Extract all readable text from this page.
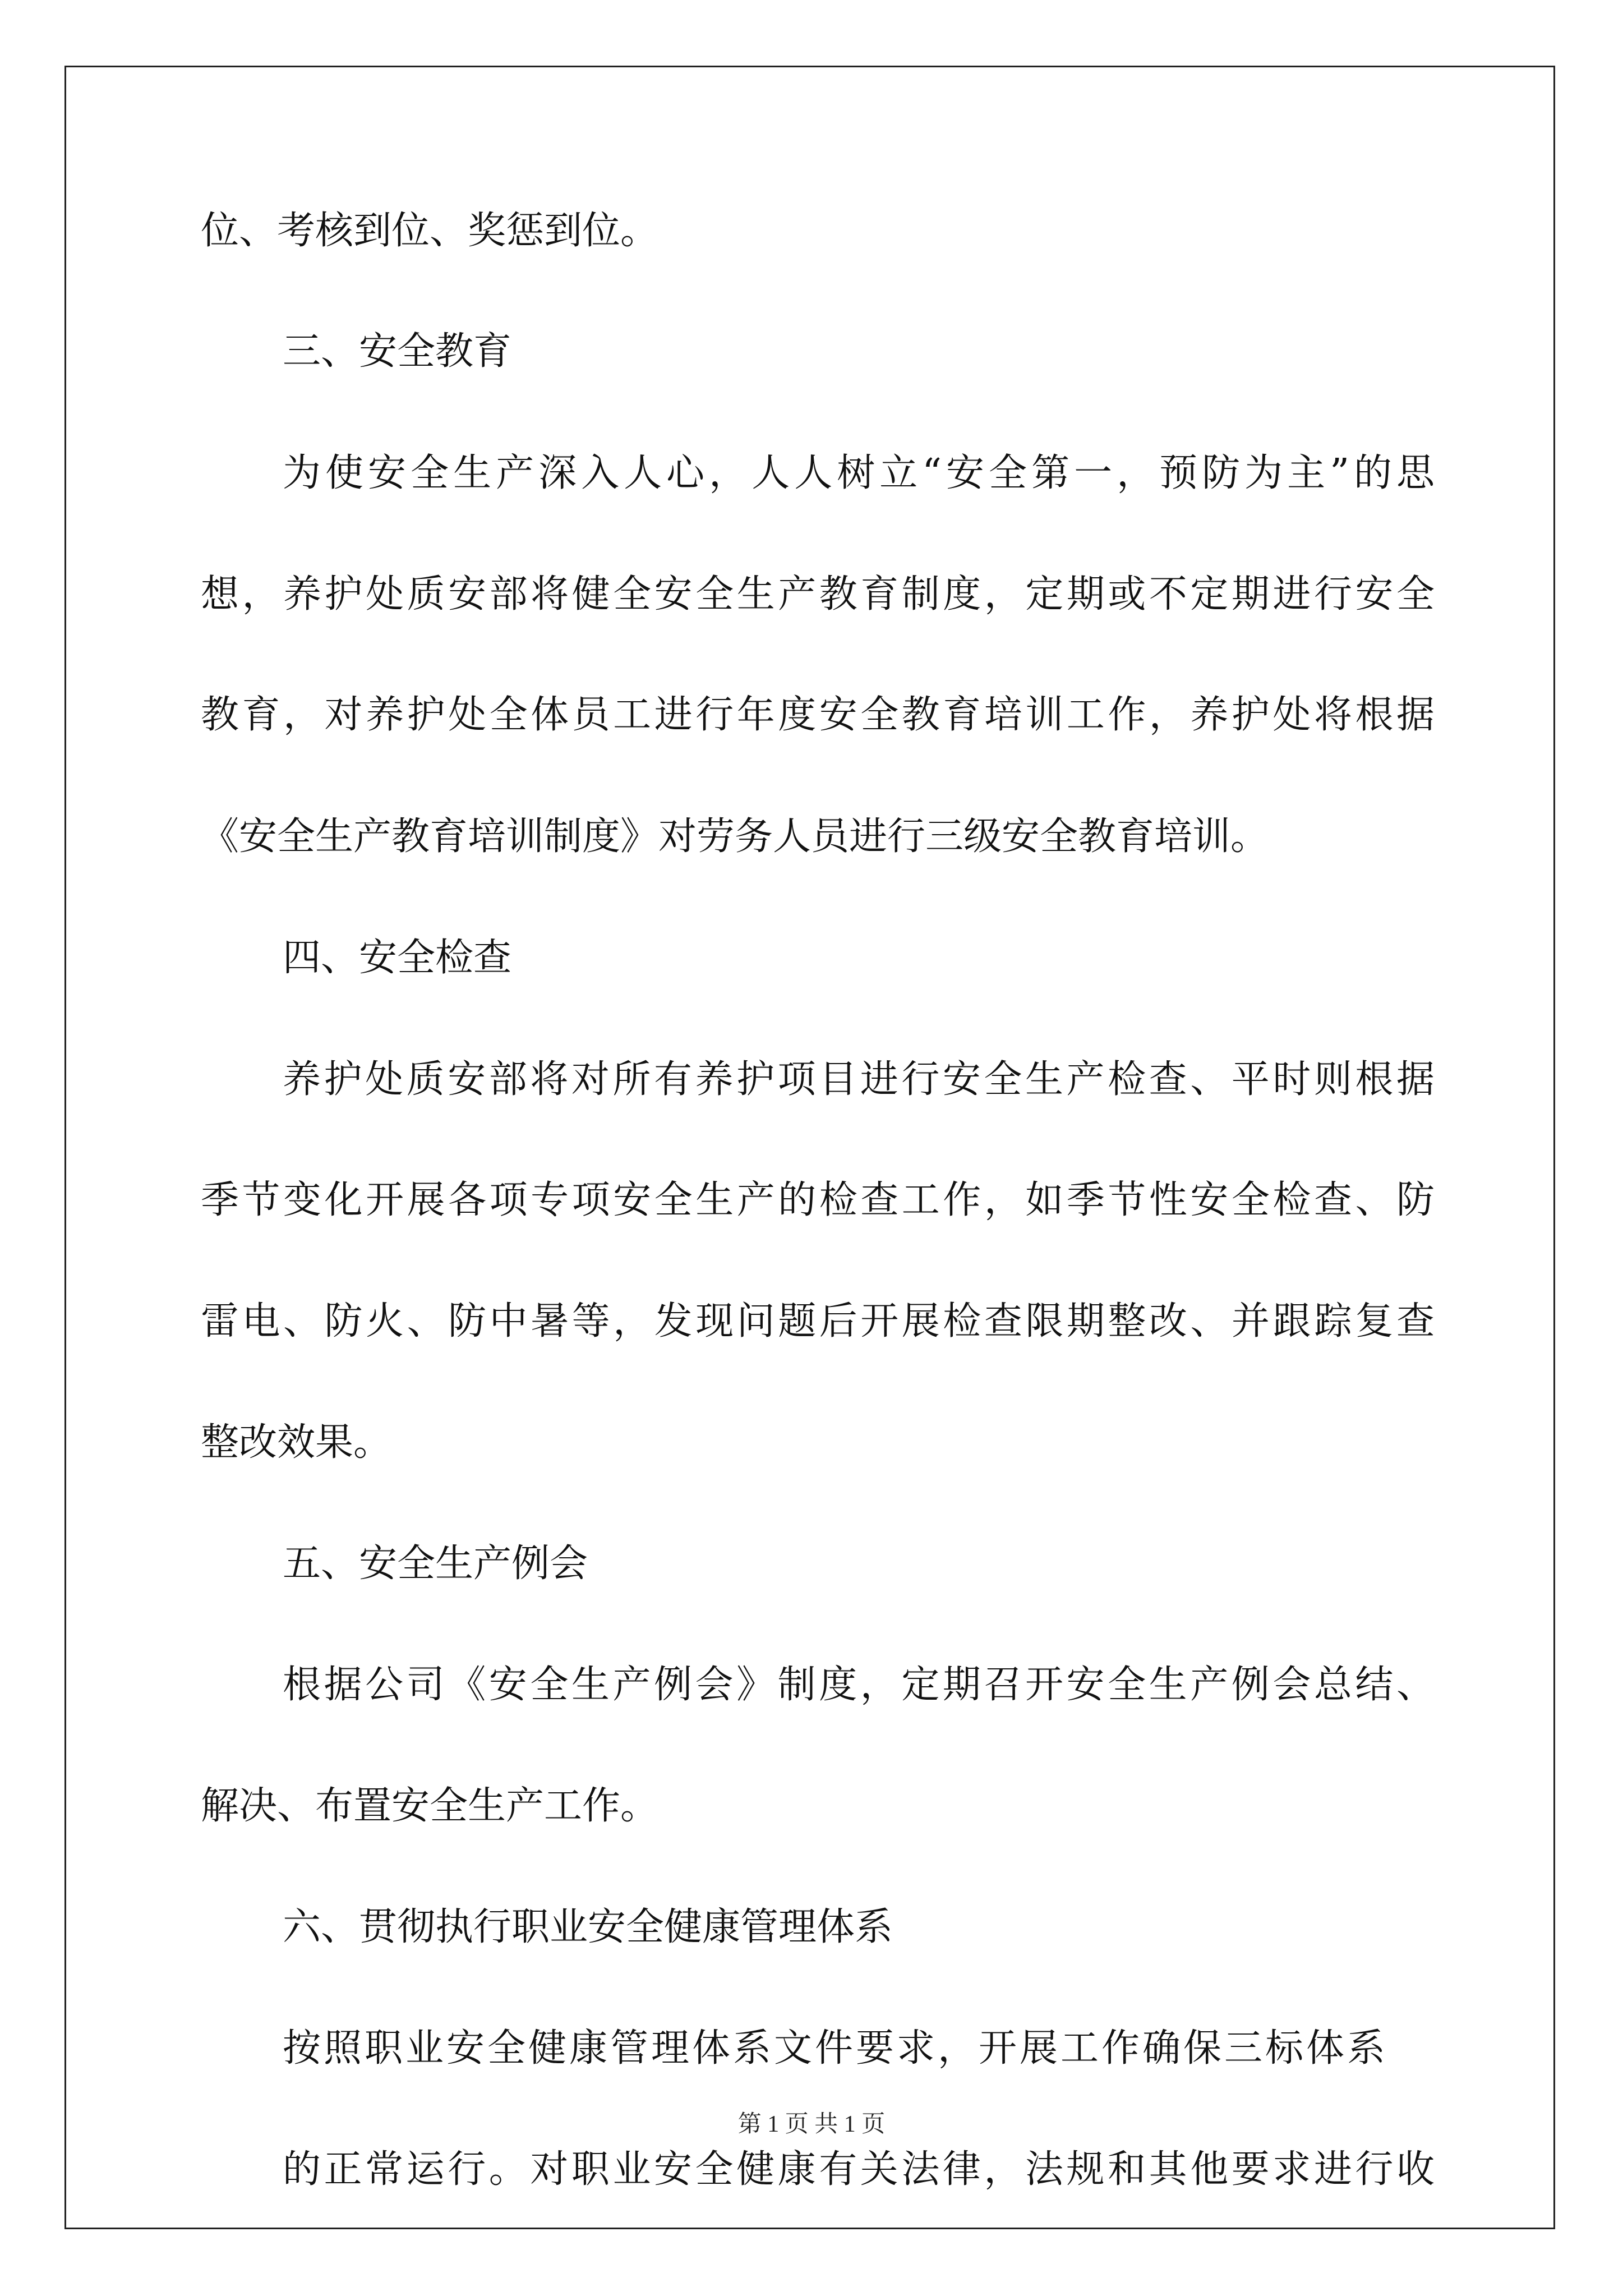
位、考核到位、奖惩到位。
三、安全教育
为使安全生产深入人心，人人树立“安全第一，预防为主”的思
想，养护处质安部将健全安全生产教育制度，定期或不定期进行安全
教育，对养护处全体员工进行年度安全教育培训工作，养护处将根据
《安全生产教育培训制度》对劳务人员进行三级安全教育培训。
四、安全检查
养护处质安部将对所有养护项目进行安全生产检查、平时则根据
季节变化开展各项专项安全生产的检查工作，如季节性安全检查、防
雷电、防火、防中暑等，发现问题后开展检查限期整改、并跟踪复查
整改效果。
五、安全生产例会
根据公司《安全生产例会》制度，定期召开安全生产例会总结、
解决、布置安全生产工作。
六、贯彻执行职业安全健康管理体系
按照职业安全健康管理体系文件要求，开展工作确保三标体系
的正常运行。对职业安全健康有关法律，法规和其他要求进行收
第 1 页 共 1 页
